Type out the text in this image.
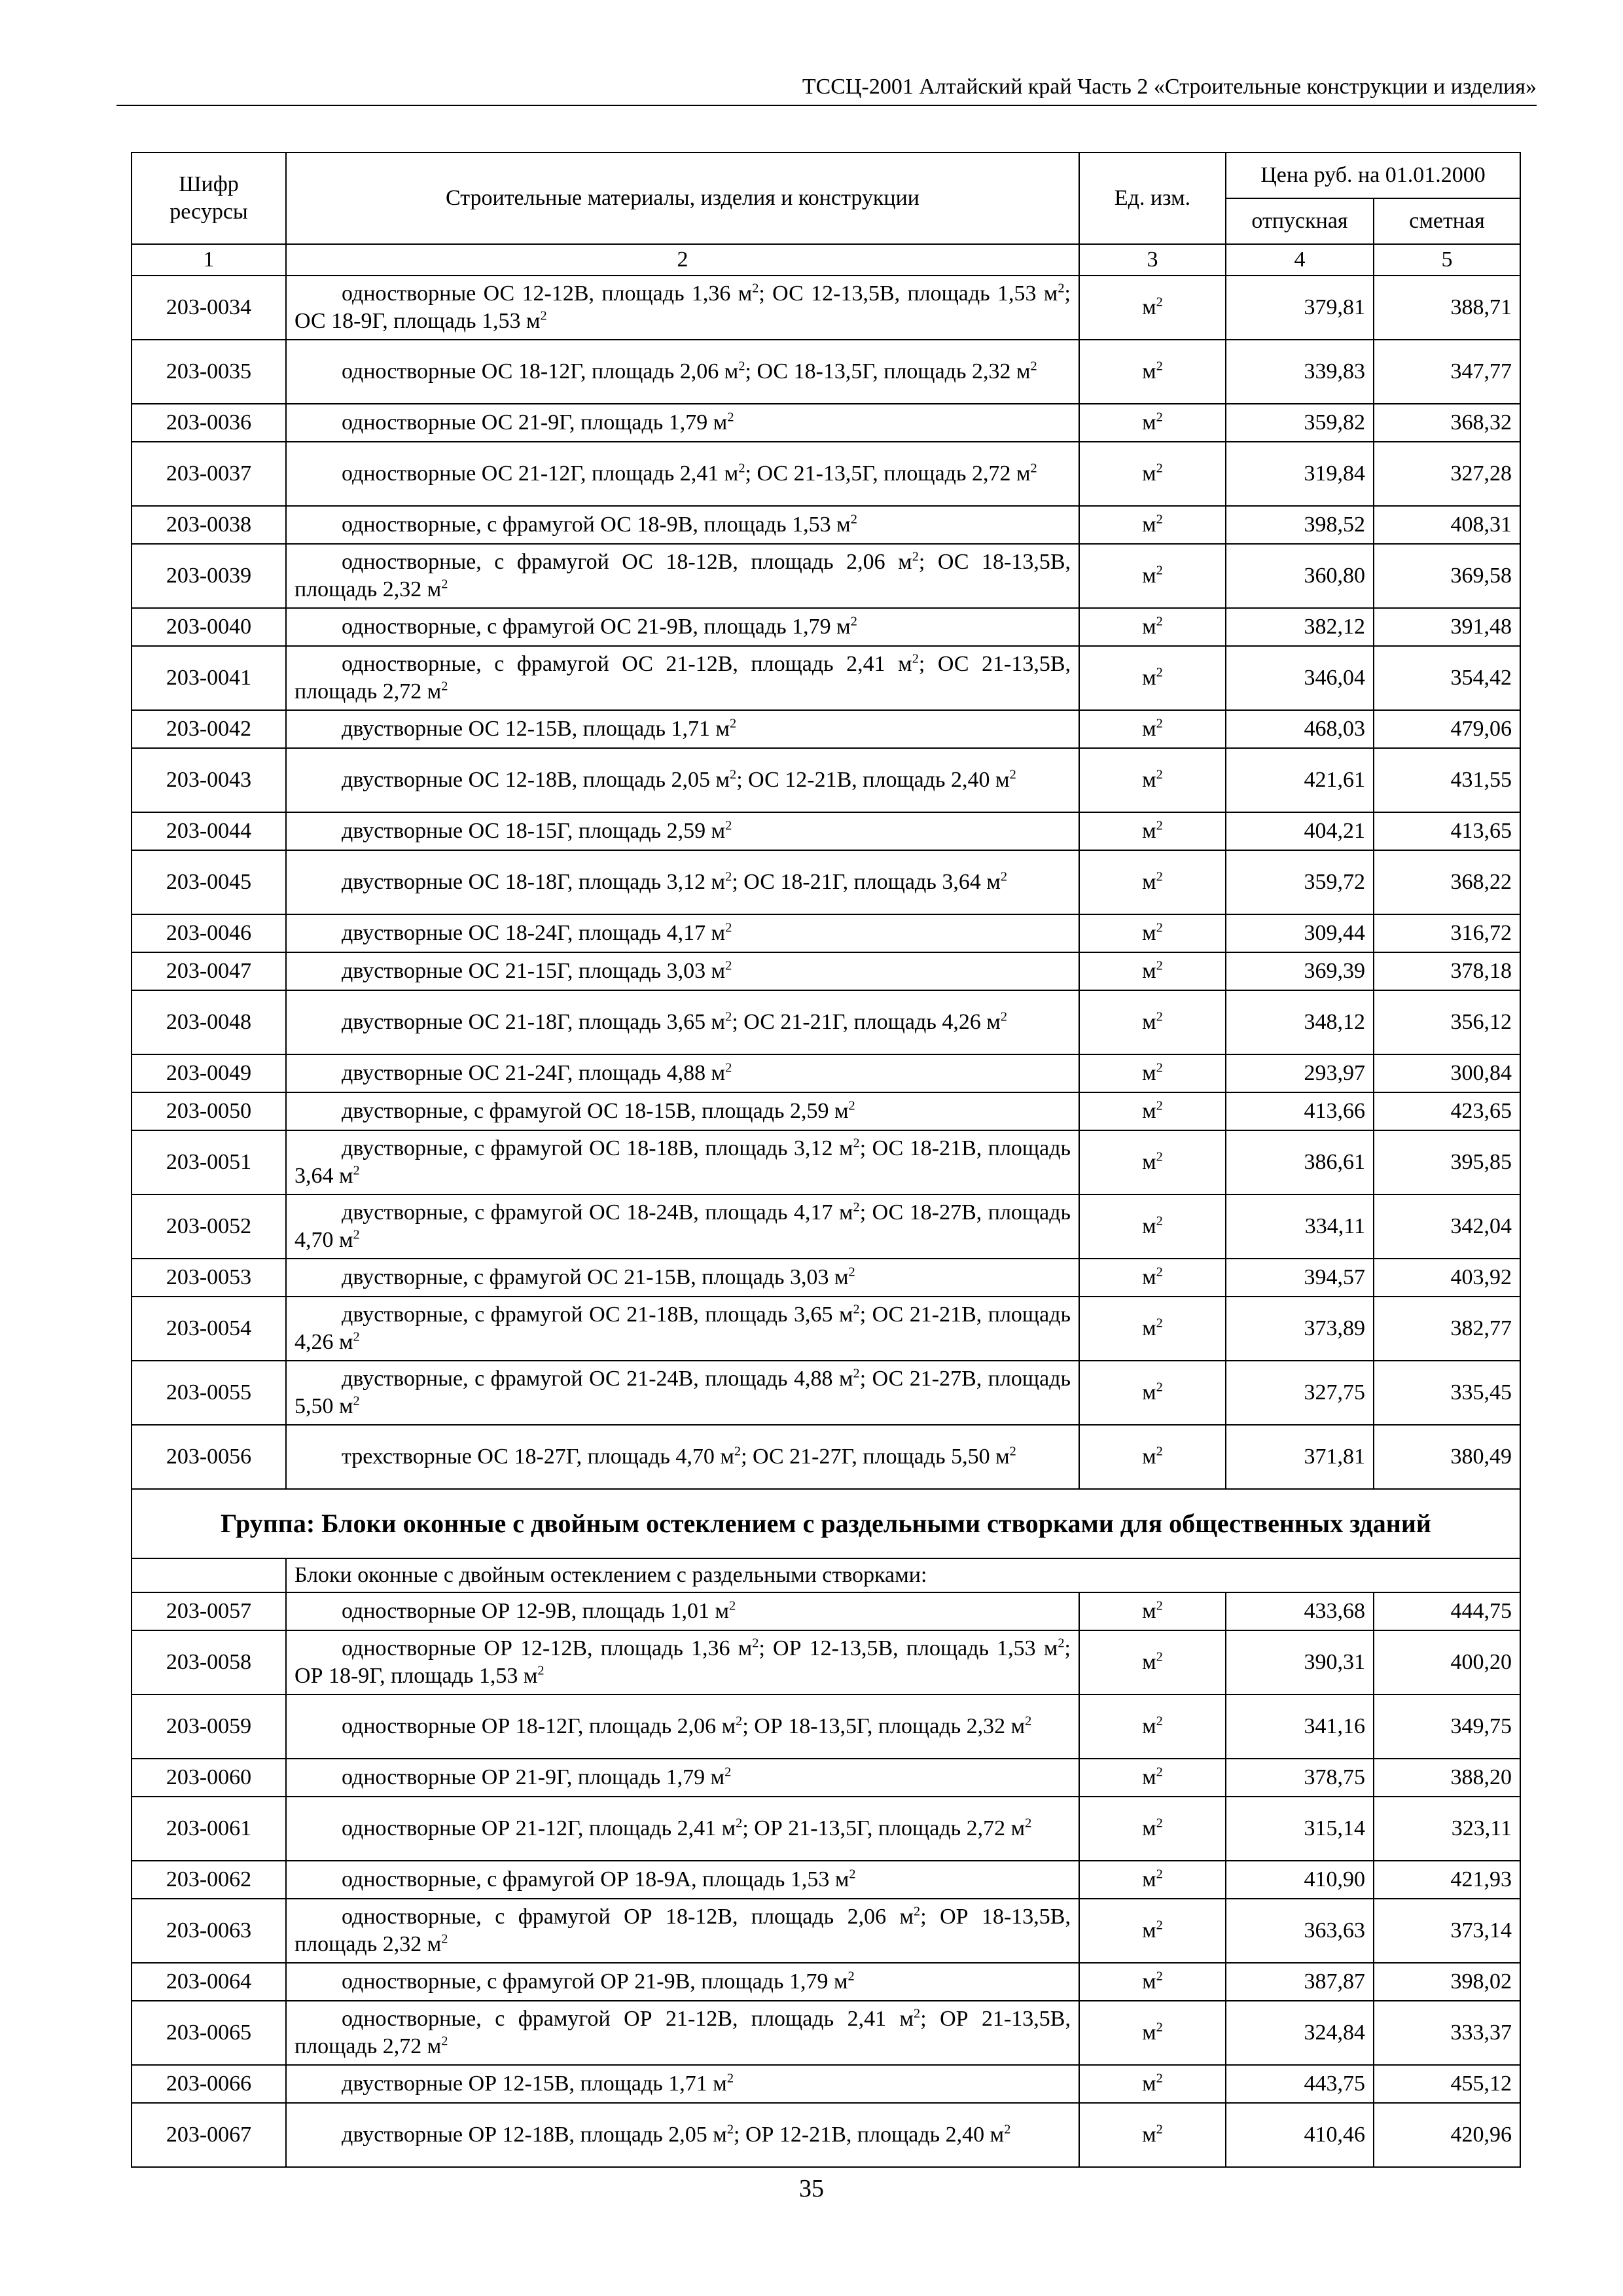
ТССЦ-2001 Алтайский край Часть 2 «Строительные конструкции и изделия»
Шифр ресурсы	Строительные материалы, изделия и конструкции	Ед. изм.	Цена руб. на 01.01.2000	
			отпускная	сметная
1	2	3	4	5
203-0034	одностворные ОС 12-12В, площадь 1,36 $м^2$; ОС 12-13,5В, площадь 1,53 $м^2$; ОС 18-9Г, площадь 1,53 $м^2$	$м^2$	379,81	388,71
203-0035	одностворные ОС 18-12Г, площадь 2,06 $м^2$; ОС 18-13,5Г, площадь 2,32 $м^2$	$м^2$	339,83	347,77
203-0036	одностворные ОС 21-9Г, площадь 1,79 $м^2$	$м^2$	359,82	368,32
203-0037	одностворные ОС 21-12Г, площадь 2,41 $м^2$; ОС 21-13,5Г, площадь 2,72 $м^2$	$м^2$	319,84	327,28
203-0038	одностворные, с фрамугой ОС 18-9В, площадь 1,53 $м^2$	$м^2$	398,52	408,31
203-0039	одностворные, с фрамугой ОС 18-12В, площадь 2,06 $м^2$; ОС 18-13,5В, площадь 2,32 $м^2$	$м^2$	360,80	369,58
203-0040	одностворные, с фрамугой ОС 21-9В, площадь 1,79 $м^2$	$м^2$	382,12	391,48
203-0041	одностворные, с фрамугой ОС 21-12В, площадь 2,41 $м^2$; ОС 21-13,5В, площадь 2,72 $м^2$	$м^2$	346,04	354,42
203-0042	двустворные ОС 12-15В, площадь 1,71 $м^2$	$м^2$	468,03	479,06
203-0043	двустворные ОС 12-18В, площадь 2,05 $м^2$; ОС 12-21В, площадь 2,40 $м^2$	$м^2$	421,61	431,55
203-0044	двустворные ОС 18-15Г, площадь 2,59 $м^2$	$м^2$	404,21	413,65
203-0045	двустворные ОС 18-18Г, площадь 3,12 $м^2$; ОС 18-21Г, площадь 3,64 $м^2$	$м^2$	359,72	368,22
203-0046	двустворные ОС 18-24Г, площадь 4,17 $м^2$	$м^2$	309,44	316,72
203-0047	двустворные ОС 21-15Г, площадь 3,03 $м^2$	$м^2$	369,39	378,18
203-0048	двустворные ОС 21-18Г, площадь 3,65 $м^2$; ОС 21-21Г, площадь 4,26 $м^2$	$м^2$	348,12	356,12
203-0049	двустворные ОС 21-24Г, площадь 4,88 $м^2$	$м^2$	293,97	300,84
203-0050	двустворные, с фрамугой ОС 18-15В, площадь 2,59 $м^2$	$м^2$	413,66	423,65
203-0051	двустворные, с фрамугой ОС 18-18В, площадь 3,12 $м^2$; ОС 18-21В, площадь 3,64 $м^2$	$м^2$	386,61	395,85
203-0052	двустворные, с фрамугой ОС 18-24В, площадь 4,17 $м^2$; ОС 18-27В, площадь 4,70 $м^2$	$м^2$	334,11	342,04
203-0053	двустворные, с фрамугой ОС 21-15В, площадь 3,03 $м^2$	$м^2$	394,57	403,92
203-0054	двустворные, с фрамугой ОС 21-18В, площадь 3,65 $м^2$; ОС 21-21В, площадь 4,26 $м^2$	$м^2$	373,89	382,77
203-0055	двустворные, с фрамугой ОС 21-24В, площадь 4,88 $м^2$; ОС 21-27В, площадь 5,50 $м^2$	$м^2$	327,75	335,45
203-0056	трехстворные ОС 18-27Г, площадь 4,70 $м^2$; ОС 21-27Г, площадь 5,50 $м^2$	$м^2$	371,81	380,49
Группа: Блоки оконные с двойным остеклением с раздельными створками для общественных зданий				
	Блоки оконные с двойным остеклением с раздельными створками:			
203-0057	одностворные ОР 12-9В, площадь 1,01 $м^2$	$м^2$	433,68	444,75
203-0058	одностворные ОР 12-12В, площадь 1,36 $м^2$; ОР 12-13,5В, площадь 1,53 $м^2$; ОР 18-9Г, площадь 1,53 $м^2$	$м^2$	390,31	400,20
203-0059	одностворные ОР 18-12Г, площадь 2,06 $м^2$; ОР 18-13,5Г, площадь 2,32 $м^2$	$м^2$	341,16	349,75
203-0060	одностворные ОР 21-9Г, площадь 1,79 $м^2$	$м^2$	378,75	388,20
203-0061	одностворные ОР 21-12Г, площадь 2,41 $м^2$; ОР 21-13,5Г, площадь 2,72 $м^2$	$м^2$	315,14	323,11
203-0062	одностворные, с фрамугой ОР 18-9А, площадь 1,53 $м^2$	$м^2$	410,90	421,93
203-0063	одностворные, с фрамугой ОР 18-12В, площадь 2,06 $м^2$; ОР 18-13,5В, площадь 2,32 $м^2$	$м^2$	363,63	373,14
203-0064	одностворные, с фрамугой ОР 21-9В, площадь 1,79 $м^2$	$м^2$	387,87	398,02
203-0065	одностворные, с фрамугой ОР 21-12В, площадь 2,41 $м^2$; ОР 21-13,5В, площадь 2,72 $м^2$	$м^2$	324,84	333,37
203-0066	двустворные ОР 12-15В, площадь 1,71 $м^2$	$м^2$	443,75	455,12
203-0067	двустворные ОР 12-18В, площадь 2,05 $м^2$; ОР 12-21В, площадь 2,40 $м^2$	$м^2$	410,46	420,96
35
